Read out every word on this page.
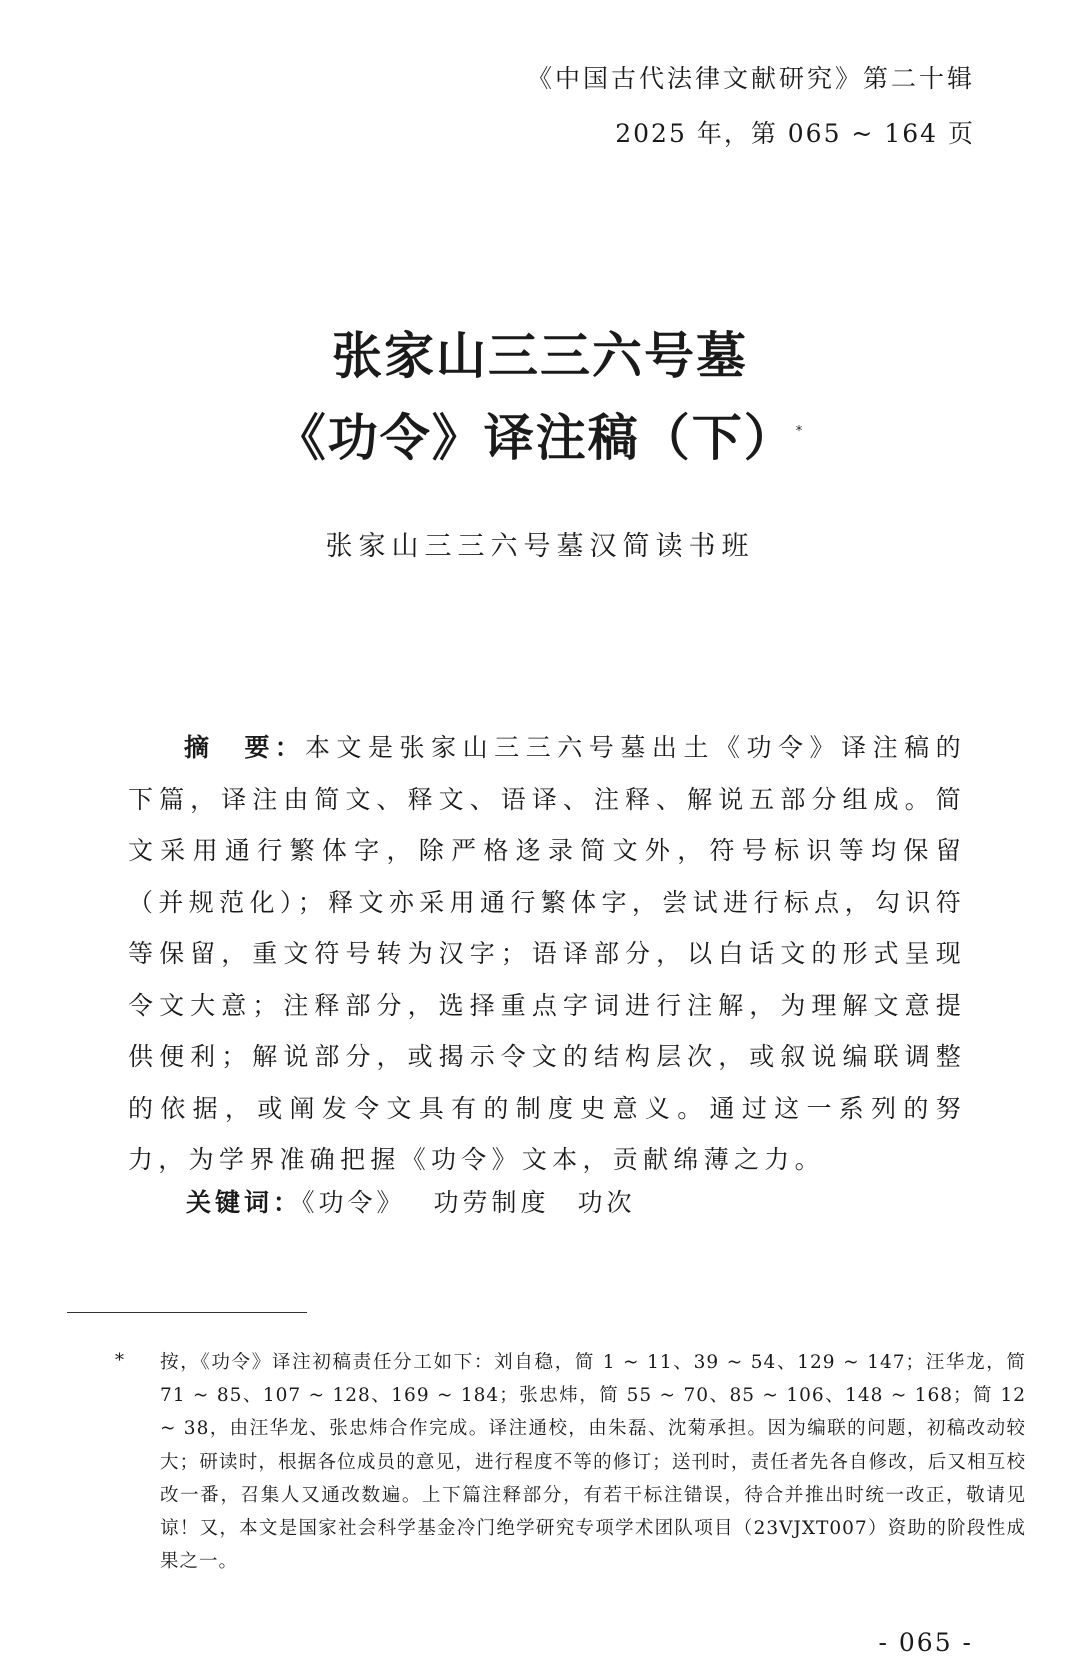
《中国古代法律文献研究》第二十辑
2025 年，第 065 ~ 164 页
张家山三三六号墓
《功令》译注稿（下）*
张家山三三六号墓汉简读书班
摘　要：本文是张家山三三六号墓出土《功令》译注稿的下篇，译注由简文、释文、语译、注释、解说五部分组成。简文采用通行繁体字，除严格迻录简文外，符号标识等均保留（并规范化）；释文亦采用通行繁体字，尝试进行标点，勾识符等保留，重文符号转为汉字；语译部分，以白话文的形式呈现令文大意；注释部分，选择重点字词进行注解，为理解文意提供便利；解说部分，或揭示令文的结构层次，或叙说编联调整的依据，或阐发令文具有的制度史意义。通过这一系列的努力，为学界准确把握《功令》文本，贡献绵薄之力。
关键词：《功令》 功劳制度 功次
* 按，《功令》译注初稿责任分工如下：刘自稳，简 1 ~ 11、39 ~ 54、129 ~ 147；汪华龙，简 71 ~ 85、107 ~ 128、169 ~ 184；张忠炜，简 55 ~ 70、85 ~ 106、148 ~ 168；简 12 ~ 38，由汪华龙、张忠炜合作完成。译注通校，由朱磊、沈菊承担。因为编联的问题，初稿改动较大；研读时，根据各位成员的意见，进行程度不等的修订；送刊时，责任者先各自修改，后又相互校改一番，召集人又通改数遍。上下篇注释部分，有若干标注错误，待合并推出时统一改正，敬请见谅！又，本文是国家社会科学基金冷门绝学研究专项学术团队项目（23VJXT007）资助的阶段性成果之一。
- 065 -
